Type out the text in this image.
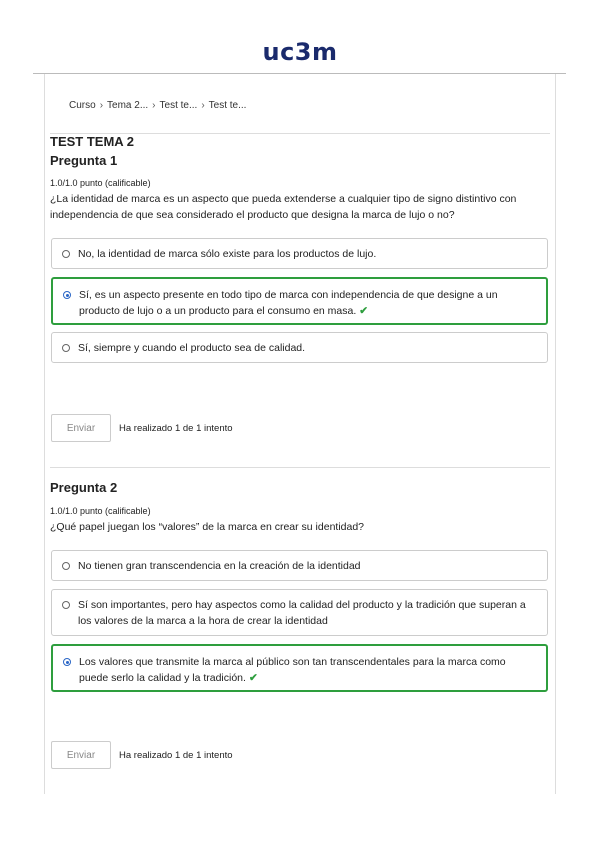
uc3m
Curso › Tema 2... › Test te... › Test te...
TEST TEMA 2
Pregunta 1
1.0/1.0 punto (calificable)
¿La identidad de marca es un aspecto que pueda extenderse a cualquier tipo de signo distintivo con independencia de que sea considerado el producto que designa la marca de lujo o no?
No, la identidad de marca sólo existe para los productos de lujo.
Sí, es un aspecto presente en todo tipo de marca con independencia de que designe a un producto de lujo o a un producto para el consumo en masa. ✔
Sí, siempre y cuando el producto sea de calidad.
Enviar	Ha realizado 1 de 1 intento
Pregunta 2
1.0/1.0 punto (calificable)
¿Qué papel juegan los “valores” de la marca en crear su identidad?
No tienen gran transcendencia en la creación de la identidad
Sí son importantes, pero hay aspectos como la calidad del producto y la tradición que superan a los valores de la marca a la hora de crear la identidad
Los valores que transmite la marca al público son tan transcendentales para la marca como puede serlo la calidad y la tradición. ✔
Enviar	Ha realizado 1 de 1 intento
